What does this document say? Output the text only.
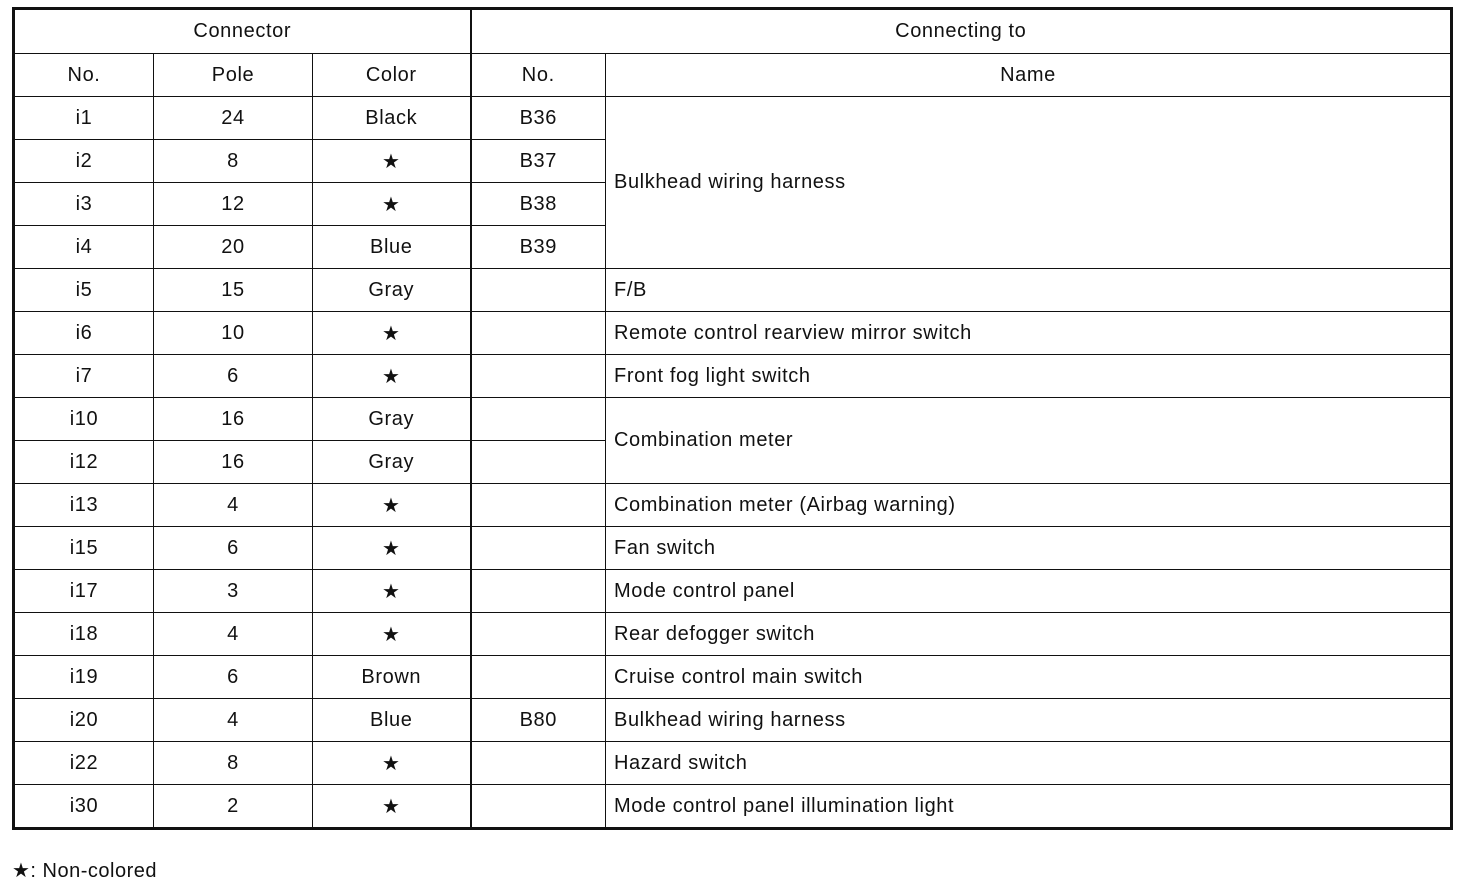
Connector			Connecting to	
No.	Pole	Color	No.	Name
i1	24	Black	B36	Bulkhead wiring harness
i2	8	★	B37	
i3	12	★	B38	
i4	20	Blue	B39	
i5	15	Gray		F/B
i6	10	★		Remote control rearview mirror switch
i7	6	★		Front fog light switch
i10	16	Gray		Combination meter
i12	16	Gray		
i13	4	★		Combination meter (Airbag warning)
i15	6	★		Fan switch
i17	3	★		Mode control panel
i18	4	★		Rear defogger switch
i19	6	Brown		Cruise control main switch
i20	4	Blue	B80	Bulkhead wiring harness
i22	8	★		Hazard switch
i30	2	★		Mode control panel illumination light
★: Non-colored
